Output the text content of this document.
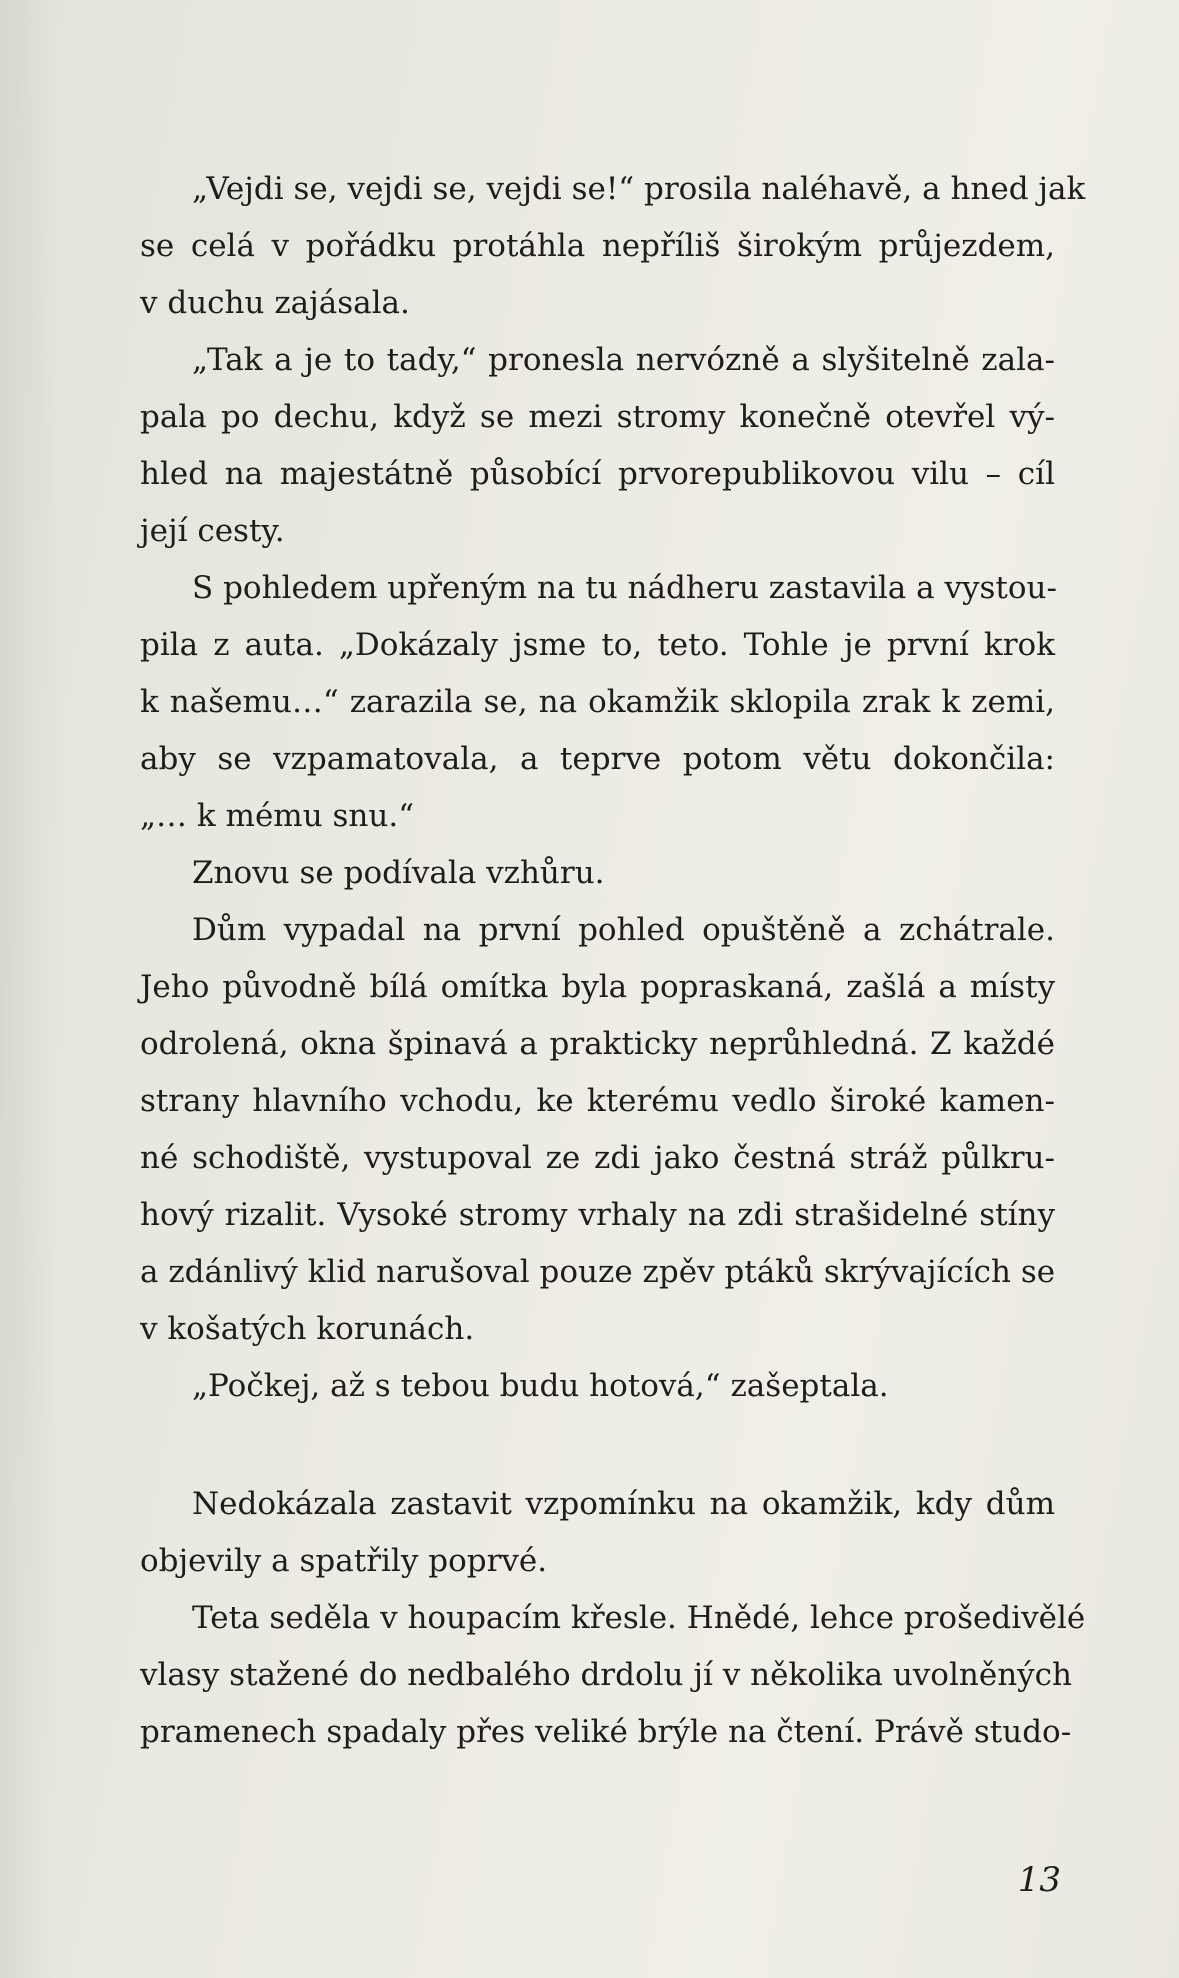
„Vejdi se, vejdi se, vejdi se!“ prosila naléhavě, a hned jak
se celá v pořádku protáhla nepříliš širokým průjezdem,
v duchu zajásala.
„Tak a je to tady,“ pronesla nervózně a slyšitelně zala-
pala po dechu, když se mezi stromy konečně otevřel vý-
hled na majestátně působící prvorepublikovou vilu – cíl
její cesty.
S pohledem upřeným na tu nádheru zastavila a vystou-
pila z auta. „Dokázaly jsme to, teto. Tohle je první krok
k našemu…“ zarazila se, na okamžik sklopila zrak k zemi,
aby se vzpamatovala, a teprve potom větu dokončila:
„… k mému snu.“
Znovu se podívala vzhůru.
Dům vypadal na první pohled opuštěně a zchátrale.
Jeho původně bílá omítka byla popraskaná, zašlá a místy
odrolená, okna špinavá a prakticky neprůhledná. Z každé
strany hlavního vchodu, ke kterému vedlo široké kamen-
né schodiště, vystupoval ze zdi jako čestná stráž půlkru-
hový rizalit. Vysoké stromy vrhaly na zdi strašidelné stíny
a zdánlivý klid narušoval pouze zpěv ptáků skrývajících se
v košatých korunách.
„Počkej, až s tebou budu hotová,“ zašeptala.
Nedokázala zastavit vzpomínku na okamžik, kdy dům
objevily a spatřily poprvé.
Teta seděla v houpacím křesle. Hnědé, lehce prošedivělé
vlasy stažené do nedbalého drdolu jí v několika uvolněných
pramenech spadaly přes veliké brýle na čtení. Právě studo-
13
